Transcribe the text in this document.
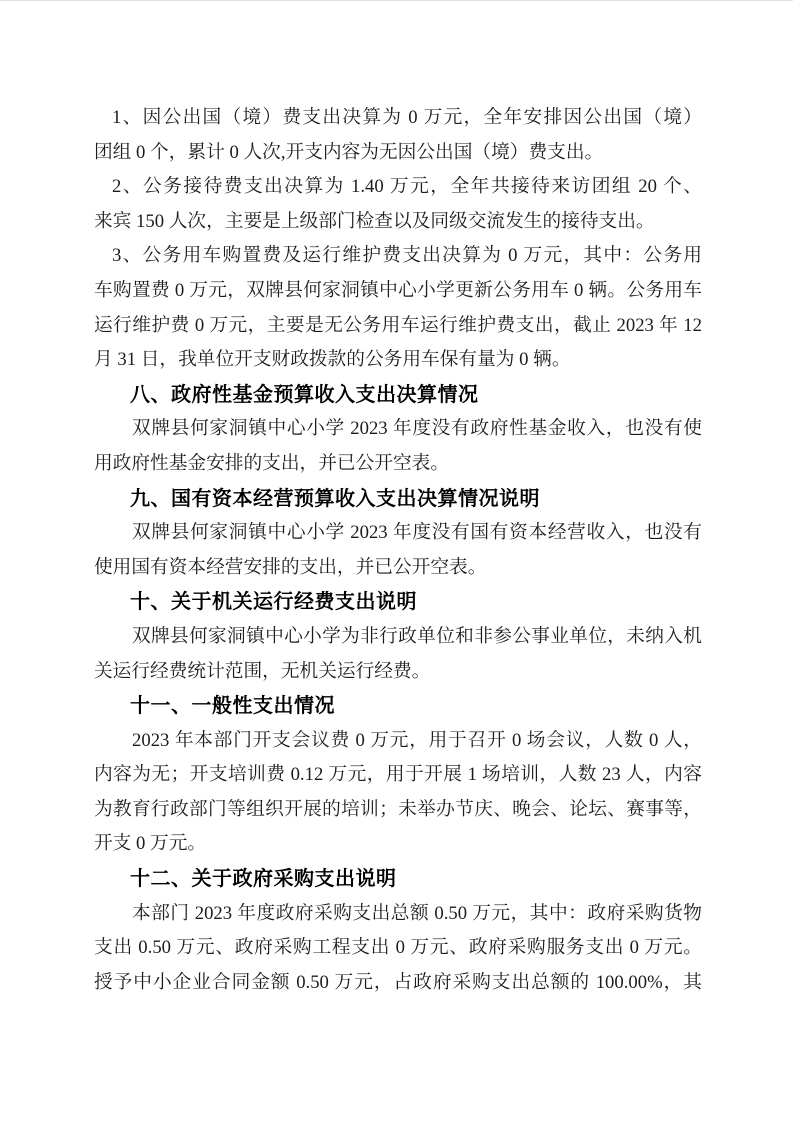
1、因公出国（境）费支出决算为 0 万元，全年安排因公出国（境）
团组 0 个，累计 0 人次,开支内容为无因公出国（境）费支出。
2、公务接待费支出决算为 1.40 万元，全年共接待来访团组 20 个、
来宾 150 人次，主要是上级部门检查以及同级交流发生的接待支出。
3、公务用车购置费及运行维护费支出决算为 0 万元，其中：公务用
车购置费 0 万元，双牌县何家洞镇中心小学更新公务用车 0 辆。公务用车
运行维护费 0 万元，主要是无公务用车运行维护费支出，截止 2023 年 12
月 31 日，我单位开支财政拨款的公务用车保有量为 0 辆。
八、政府性基金预算收入支出决算情况
双牌县何家洞镇中心小学 2023 年度没有政府性基金收入，也没有使
用政府性基金安排的支出，并已公开空表。
九、国有资本经营预算收入支出决算情况说明
双牌县何家洞镇中心小学 2023 年度没有国有资本经营收入，也没有
使用国有资本经营安排的支出，并已公开空表。
十、关于机关运行经费支出说明
双牌县何家洞镇中心小学为非行政单位和非参公事业单位，未纳入机
关运行经费统计范围，无机关运行经费。
十一、一般性支出情况
2023 年本部门开支会议费 0 万元，用于召开 0 场会议，人数 0 人，
内容为无；开支培训费 0.12 万元，用于开展 1 场培训，人数 23 人，内容
为教育行政部门等组织开展的培训；未举办节庆、晚会、论坛、赛事等，
开支 0 万元。
十二、关于政府采购支出说明
本部门 2023 年度政府采购支出总额 0.50 万元，其中：政府采购货物
支出 0.50 万元、政府采购工程支出 0 万元、政府采购服务支出 0 万元。
授予中小企业合同金额 0.50 万元，占政府采购支出总额的 100.00%，其
